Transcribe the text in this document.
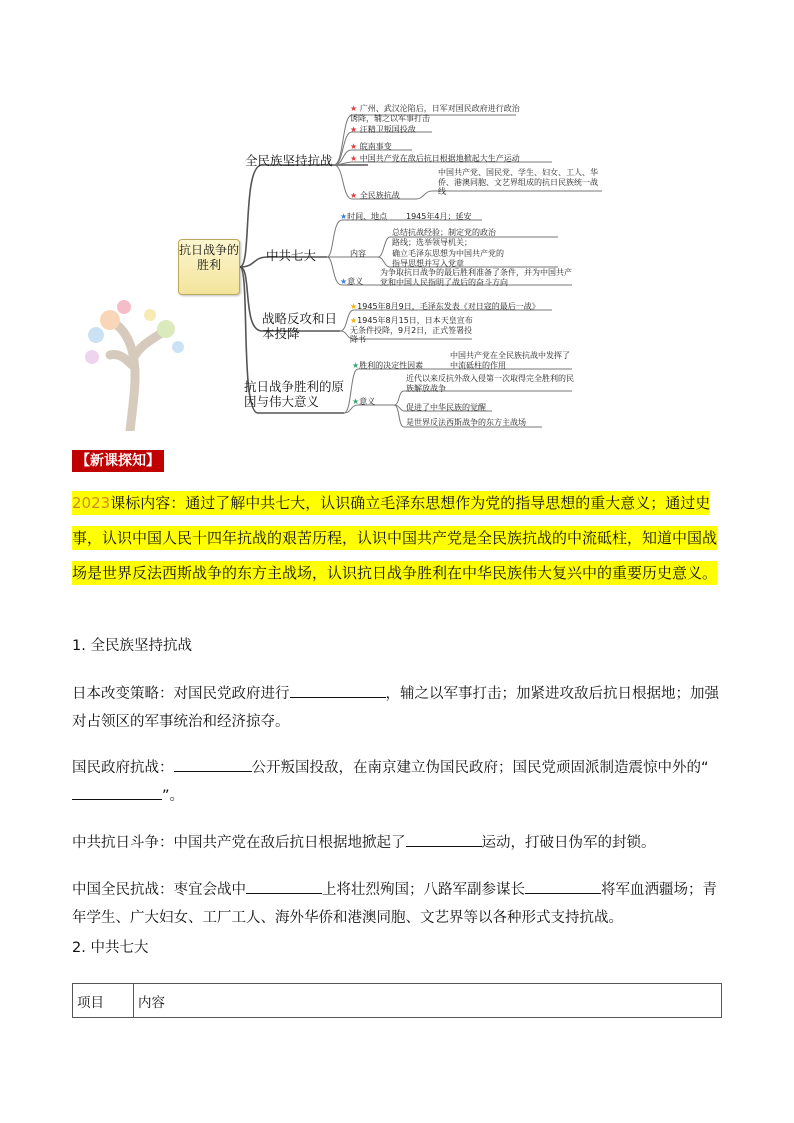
抗日战争的胜利
全民族坚持抗战
★ 广州、武汉沦陷后，日军对国民政府进行政治诱降，辅之以军事打击
★ 汪精卫叛国投敌
★ 皖南事变
★ 中国共产党在敌后抗日根据地掀起大生产运动
★ 全民族抗战
中国共产党、国民党、学生、妇女、工人、华侨、港澳同胞、文艺界组成的抗日民族统一战线
中共七大
★时间、地点
内容
★意义
1945年4月；延安
总结抗战经验；制定党的政治路线；选举领导机关；
确立毛泽东思想为中国共产党的指导思想并写入党章
为争取抗日战争的最后胜利准备了条件，并为中国共产党和中国人民指明了战后的奋斗方向
战略反攻和日本投降
★1945年8月9日，毛泽东发表《对日寇的最后一战》
★1945年8月15日，日本天皇宣布无条件投降，9月2日，正式签署投降书
抗日战争胜利的原因与伟大意义
★胜利的决定性因素
★意义
中国共产党在全民族抗战中发挥了中流砥柱的作用
近代以来反抗外敌入侵第一次取得完全胜利的民族解放战争
促进了中华民族的觉醒
是世界反法西斯战争的东方主战场
【新课探知】
2023课标内容：通过了解中共七大，认识确立毛泽东思想作为党的指导思想的重大意义；通过史事，认识中国人民十四年抗战的艰苦历程，认识中国共产党是全民族抗战的中流砥柱，知道中国战场是世界反法西斯战争的东方主战场，认识抗日战争胜利在中华民族伟大复兴中的重要历史意义。
1. 全民族坚持抗战
日本改变策略：对国民党政府进行	，辅之以军事打击；加紧进攻敌后抗日根据地；加强对占领区的军事统治和经济掠夺。
国民政府抗战：	公开叛国投敌，在南京建立伪国民政府；国民党顽固派制造震惊中外的“”。
中共抗日斗争：中国共产党在敌后抗日根据地掀起了	运动，打破日伪军的封锁。
中国全民抗战：枣宜会战中	上将壮烈殉国；八路军副参谋长	将军血洒疆场；青年学生、广大妇女、工厂工人、海外华侨和港澳同胞、文艺界等以各种形式支持抗战。
2. 中共七大
项目	内容
